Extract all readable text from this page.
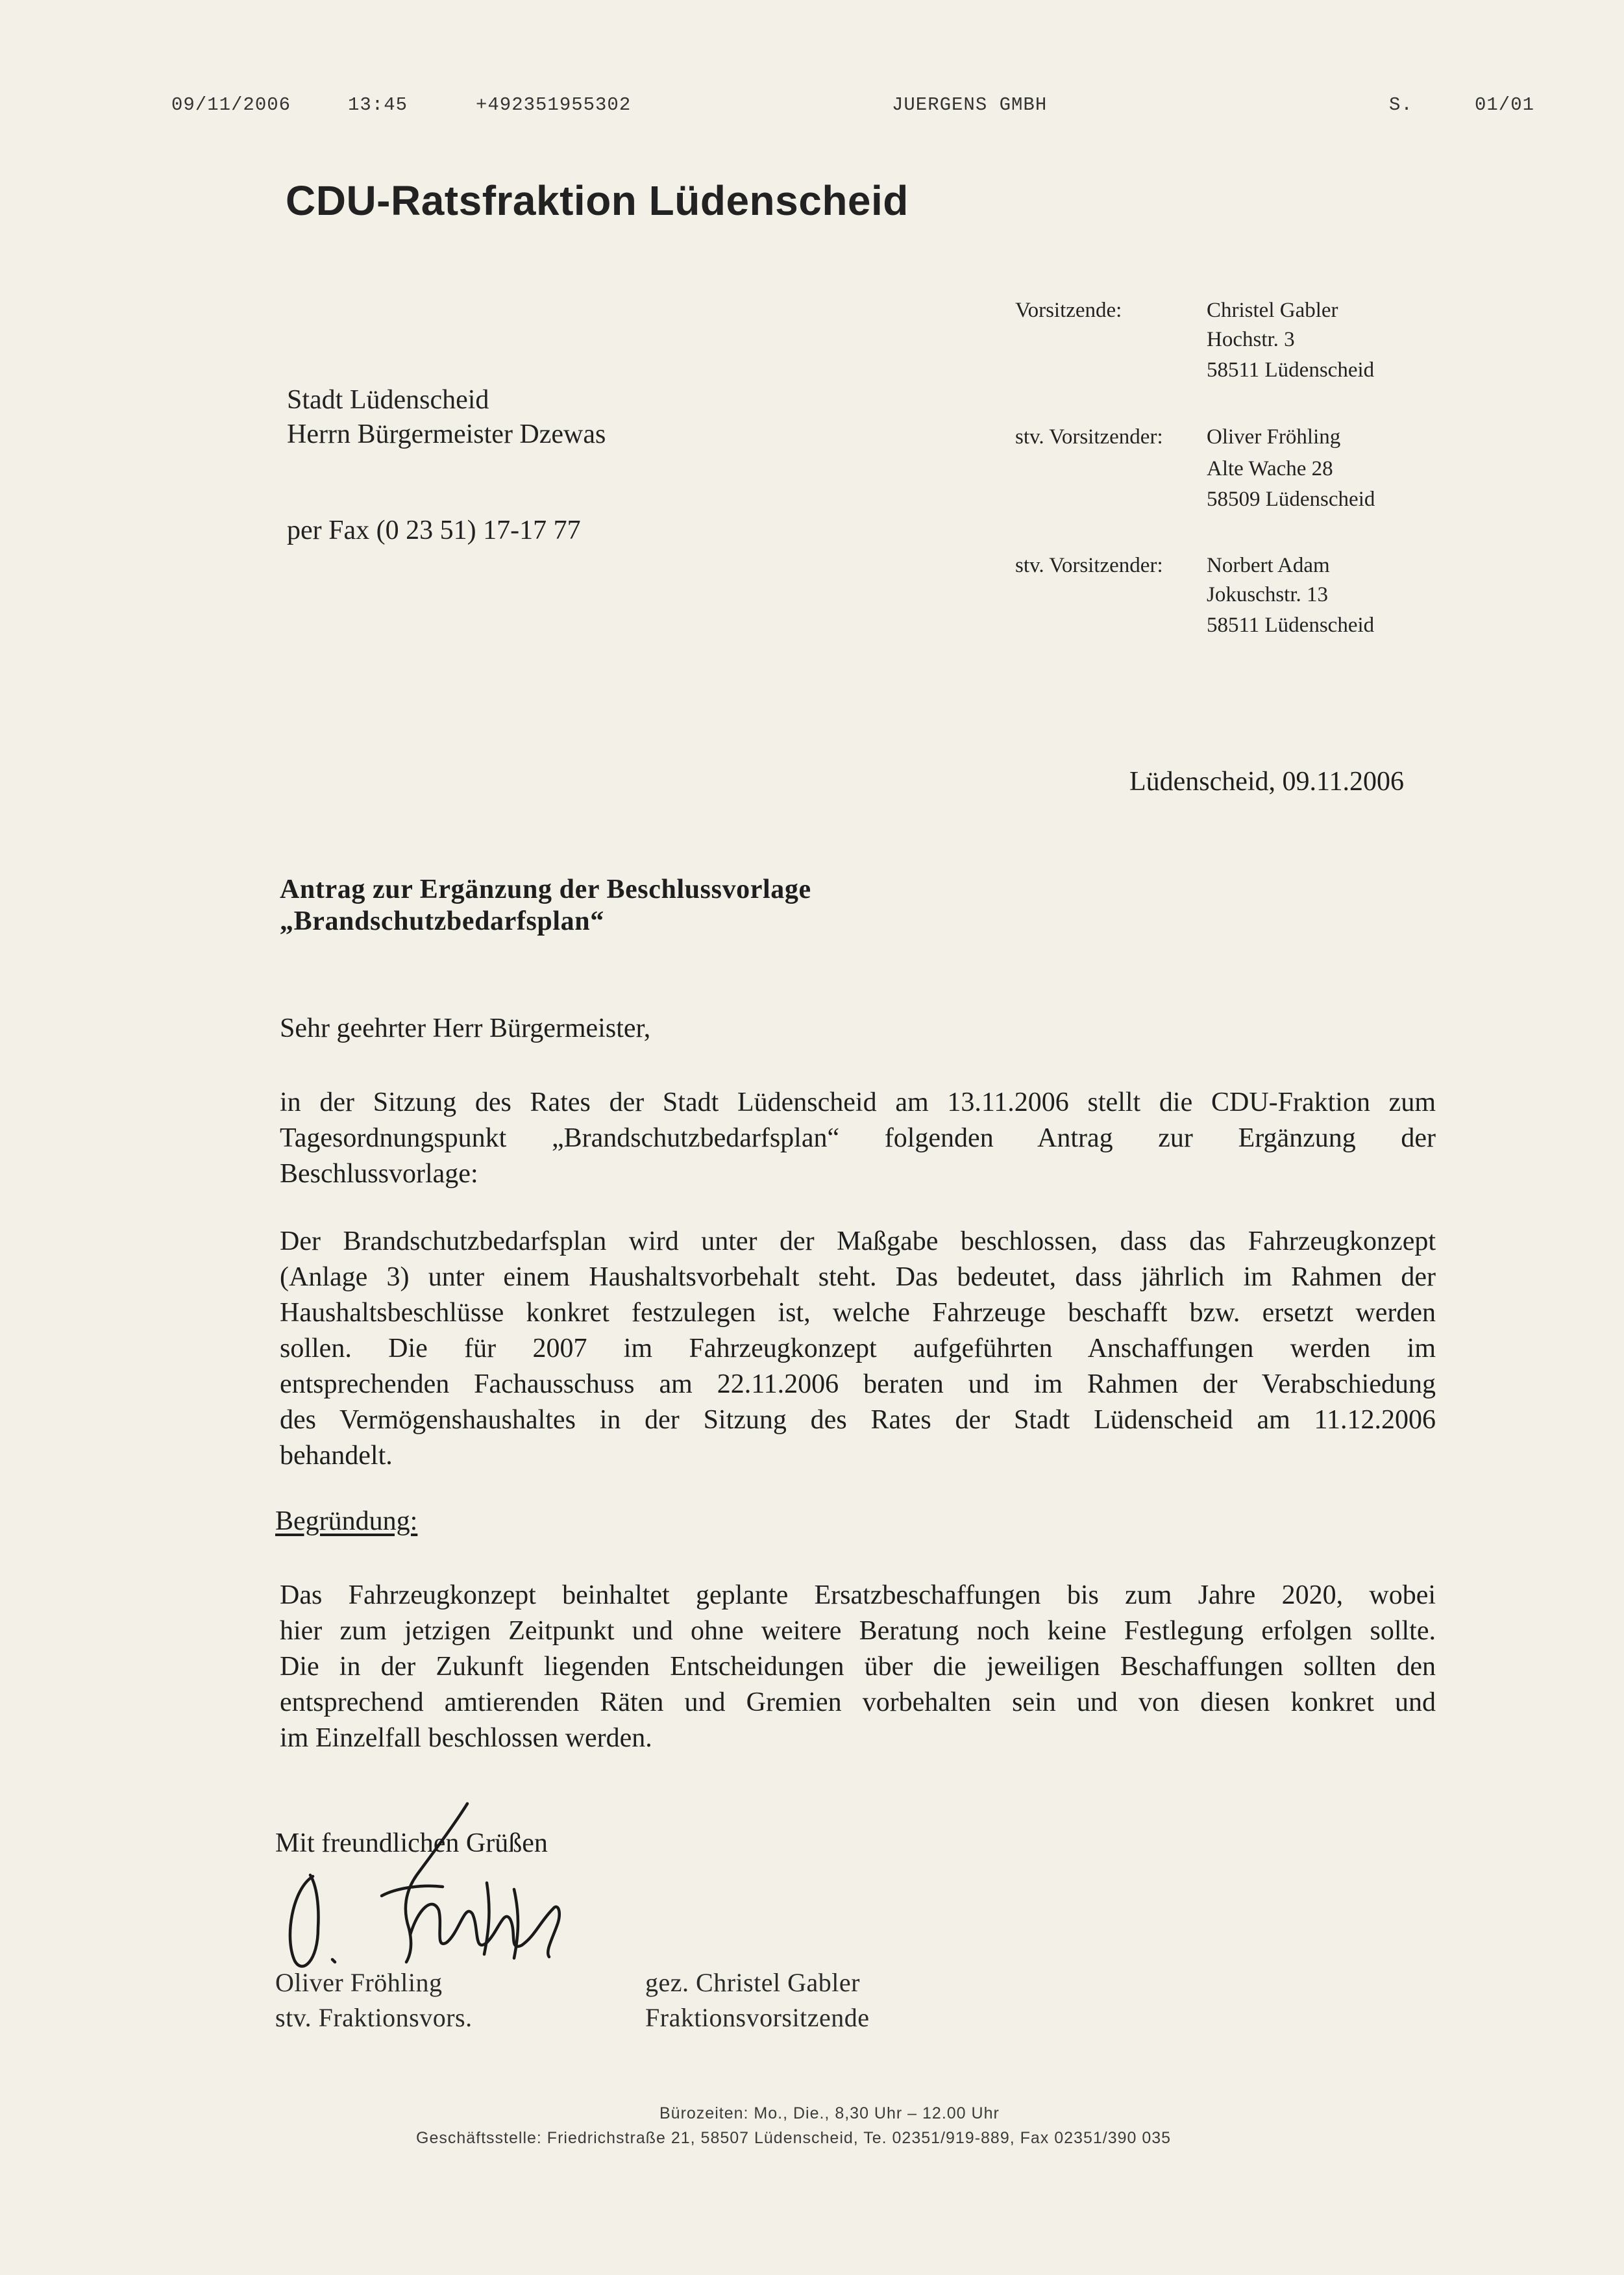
09/11/2006	13:45	+492351955302	JUERGENS GMBH	S.	01/01
CDU-Ratsfraktion Lüdenscheid
Vorsitzende:	Christel Gabler
Hochstr. 3
58511 Lüdenscheid
stv. Vorsitzender: Oliver Fröhling
Alte Wache 28
58509 Lüdenscheid
stv. Vorsitzender: Norbert Adam
Jokuschstr. 13
58511 Lüdenscheid
Stadt Lüdenscheid
Herrn Bürgermeister Dzewas
per Fax (0 23 51) 17-17 77
Lüdenscheid, 09.11.2006
Antrag zur Ergänzung der Beschlussvorlage
„Brandschutzbedarfsplan“
Sehr geehrter Herr Bürgermeister,
in der Sitzung des Rates der Stadt Lüdenscheid am 13.11.2006 stellt die CDU-Fraktion zum
Tagesordnungspunkt „Brandschutzbedarfsplan“ folgenden Antrag zur Ergänzung der
Beschlussvorlage:
Der Brandschutzbedarfsplan wird unter der Maßgabe beschlossen, dass das Fahrzeugkonzept
(Anlage 3) unter einem Haushaltsvorbehalt steht. Das bedeutet, dass jährlich im Rahmen der
Haushaltsbeschlüsse konkret festzulegen ist, welche Fahrzeuge beschafft bzw. ersetzt werden
sollen. Die für 2007 im Fahrzeugkonzept aufgeführten Anschaffungen werden im
entsprechenden Fachausschuss am 22.11.2006 beraten und im Rahmen der Verabschiedung
des Vermögenshaushaltes in der Sitzung des Rates der Stadt Lüdenscheid am 11.12.2006
behandelt.
Begründung:
Das Fahrzeugkonzept beinhaltet geplante Ersatzbeschaffungen bis zum Jahre 2020, wobei
hier zum jetzigen Zeitpunkt und ohne weitere Beratung noch keine Festlegung erfolgen sollte.
Die in der Zukunft liegenden Entscheidungen über die jeweiligen Beschaffungen sollten den
entsprechend amtierenden Räten und Gremien vorbehalten sein und von diesen konkret und
im Einzelfall beschlossen werden.
Mit freundlichen Grüßen
Oliver Fröhling
stv. Fraktionsvors.
gez. Christel Gabler
Fraktionsvorsitzende
Bürozeiten: Mo., Die., 8,30 Uhr – 12.00 Uhr
Geschäftsstelle: Friedrichstraße 21, 58507 Lüdenscheid, Te. 02351/919-889, Fax 02351/390 035
